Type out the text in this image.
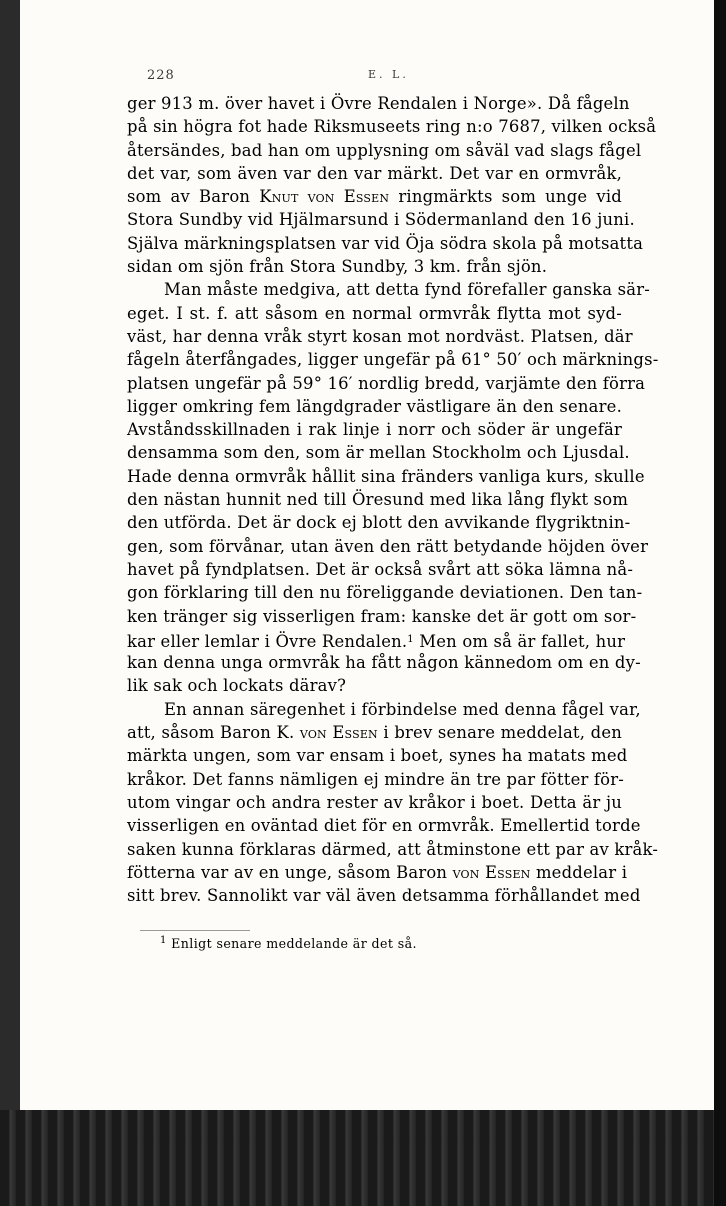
228	E. L.
ger 913 m. över havet i Övre Rendalen i Norge». Då fågeln
på sin högra fot hade Riksmuseets ring n:o 7687, vilken också
återsändes, bad han om upplysning om såväl vad slags fågel
det var, som även var den var märkt. Det var en ormvråk,
som av Baron Knut von Essen ringmärkts som unge vid
Stora Sundby vid Hjälmarsund i Södermanland den 16 juni.
Själva märkningsplatsen var vid Öja södra skola på motsatta
sidan om sjön från Stora Sundby, 3 km. från sjön.
Man måste medgiva, att detta fynd förefaller ganska sär-
eget. I st. f. att såsom en normal ormvråk flytta mot syd-
väst, har denna vråk styrt kosan mot nordväst. Platsen, där
fågeln återfångades, ligger ungefär på 61° 50′ och märknings-
platsen ungefär på 59° 16′ nordlig bredd, varjämte den förra
ligger omkring fem längdgrader västligare än den senare.
Avståndsskillnaden i rak linje i norr och söder är ungefär
densamma som den, som är mellan Stockholm och Ljusdal.
Hade denna ormvråk hållit sina fränders vanliga kurs, skulle
den nästan hunnit ned till Öresund med lika lång flykt som
den utförda. Det är dock ej blott den avvikande flygriktnin-
gen, som förvånar, utan även den rätt betydande höjden över
havet på fyndplatsen. Det är också svårt att söka lämna nå-
gon förklaring till den nu föreliggande deviationen. Den tan-
ken tränger sig visserligen fram: kanske det är gott om sor-
kar eller lemlar i Övre Rendalen.$^1$ Men om så är fallet, hur
kan denna unga ormvråk ha fått någon kännedom om en dy-
lik sak och lockats därav?
En annan säregenhet i förbindelse med denna fågel var,
att, såsom Baron K. von Essen i brev senare meddelat, den
märkta ungen, som var ensam i boet, synes ha matats med
kråkor. Det fanns nämligen ej mindre än tre par fötter för-
utom vingar och andra rester av kråkor i boet. Detta är ju
visserligen en oväntad diet för en ormvråk. Emellertid torde
saken kunna förklaras därmed, att åtminstone ett par av kråk-
fötterna var av en unge, såsom Baron von Essen meddelar i
sitt brev. Sannolikt var väl även detsamma förhållandet med
$^1$ Enligt senare meddelande är det så.
